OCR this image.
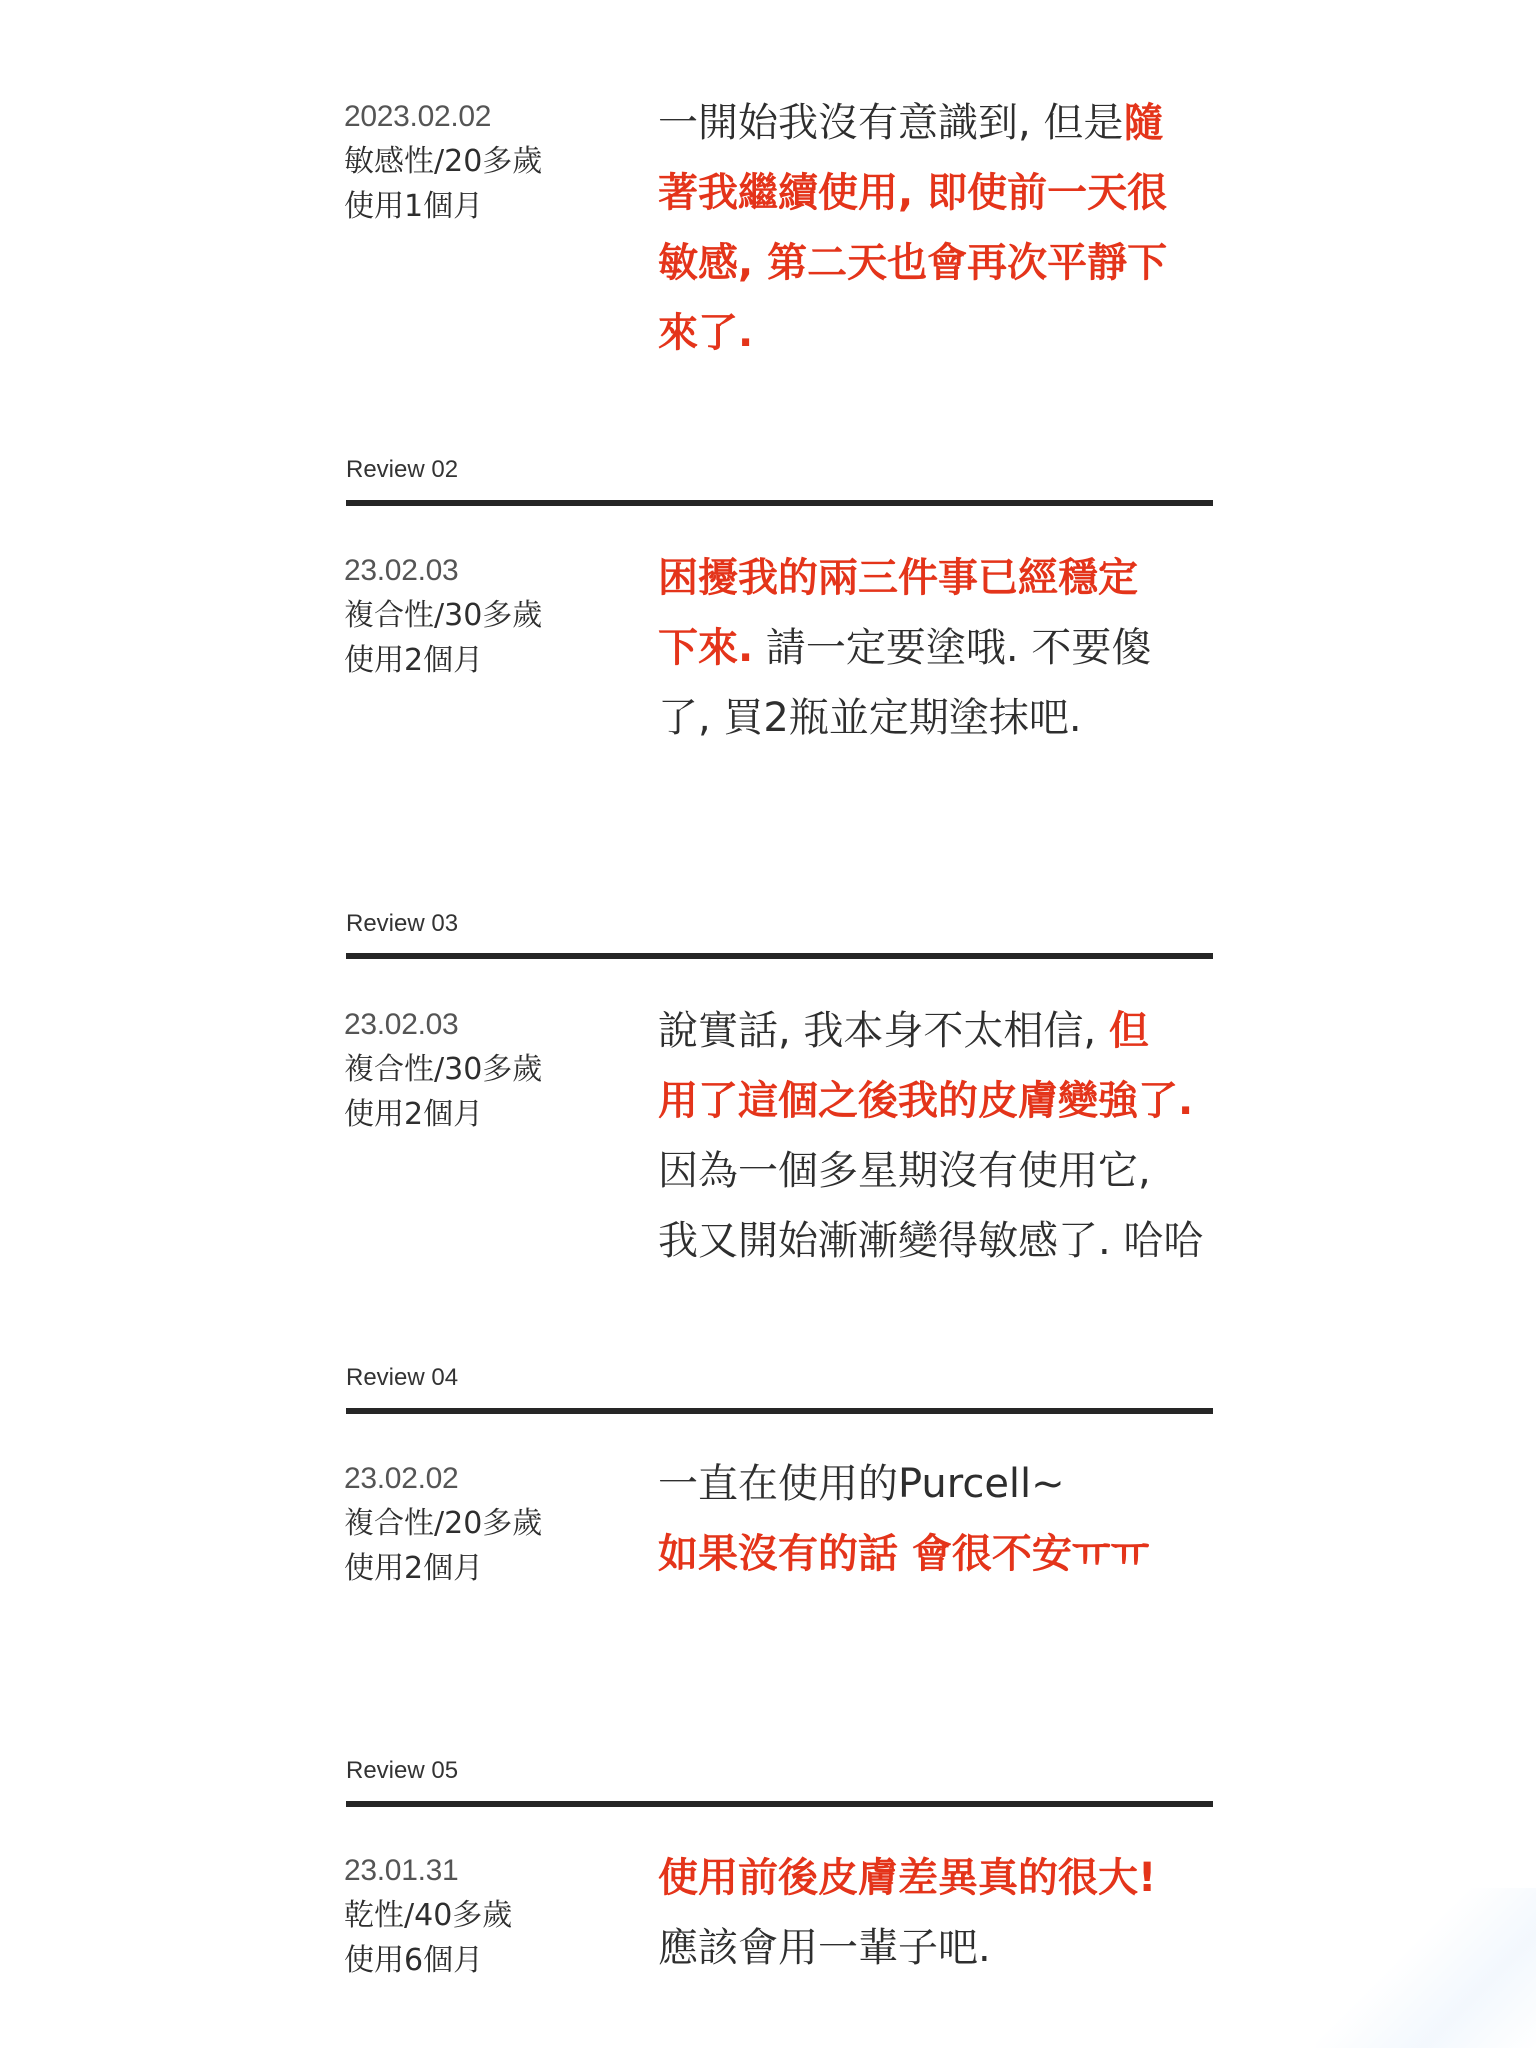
2023.02.02
敏感性/20多歲
使用1個月
一開始我沒有意識到, 但是隨
著我繼續使用, 即使前一天很
敏感, 第二天也會再次平靜下
來了.
Review 02
23.02.03
複合性/30多歲
使用2個月
困擾我的兩三件事已經穩定
下來. 請一定要塗哦. 不要傻
了, 買2瓶並定期塗抹吧.
Review 03
23.02.03
複合性/30多歲
使用2個月
說實話, 我本身不太相信, 但
用了這個之後我的皮膚變強了.
因為一個多星期沒有使用它,
我又開始漸漸變得敏感了. 哈哈
Review 04
23.02.02
複合性/20多歲
使用2個月
一直在使用的Purcell~
如果沒有的話 會很不安ㅠㅠ
Review 05
23.01.31
乾性/40多歲
使用6個月
使用前後皮膚差異真的很大!
應該會用一輩子吧.
